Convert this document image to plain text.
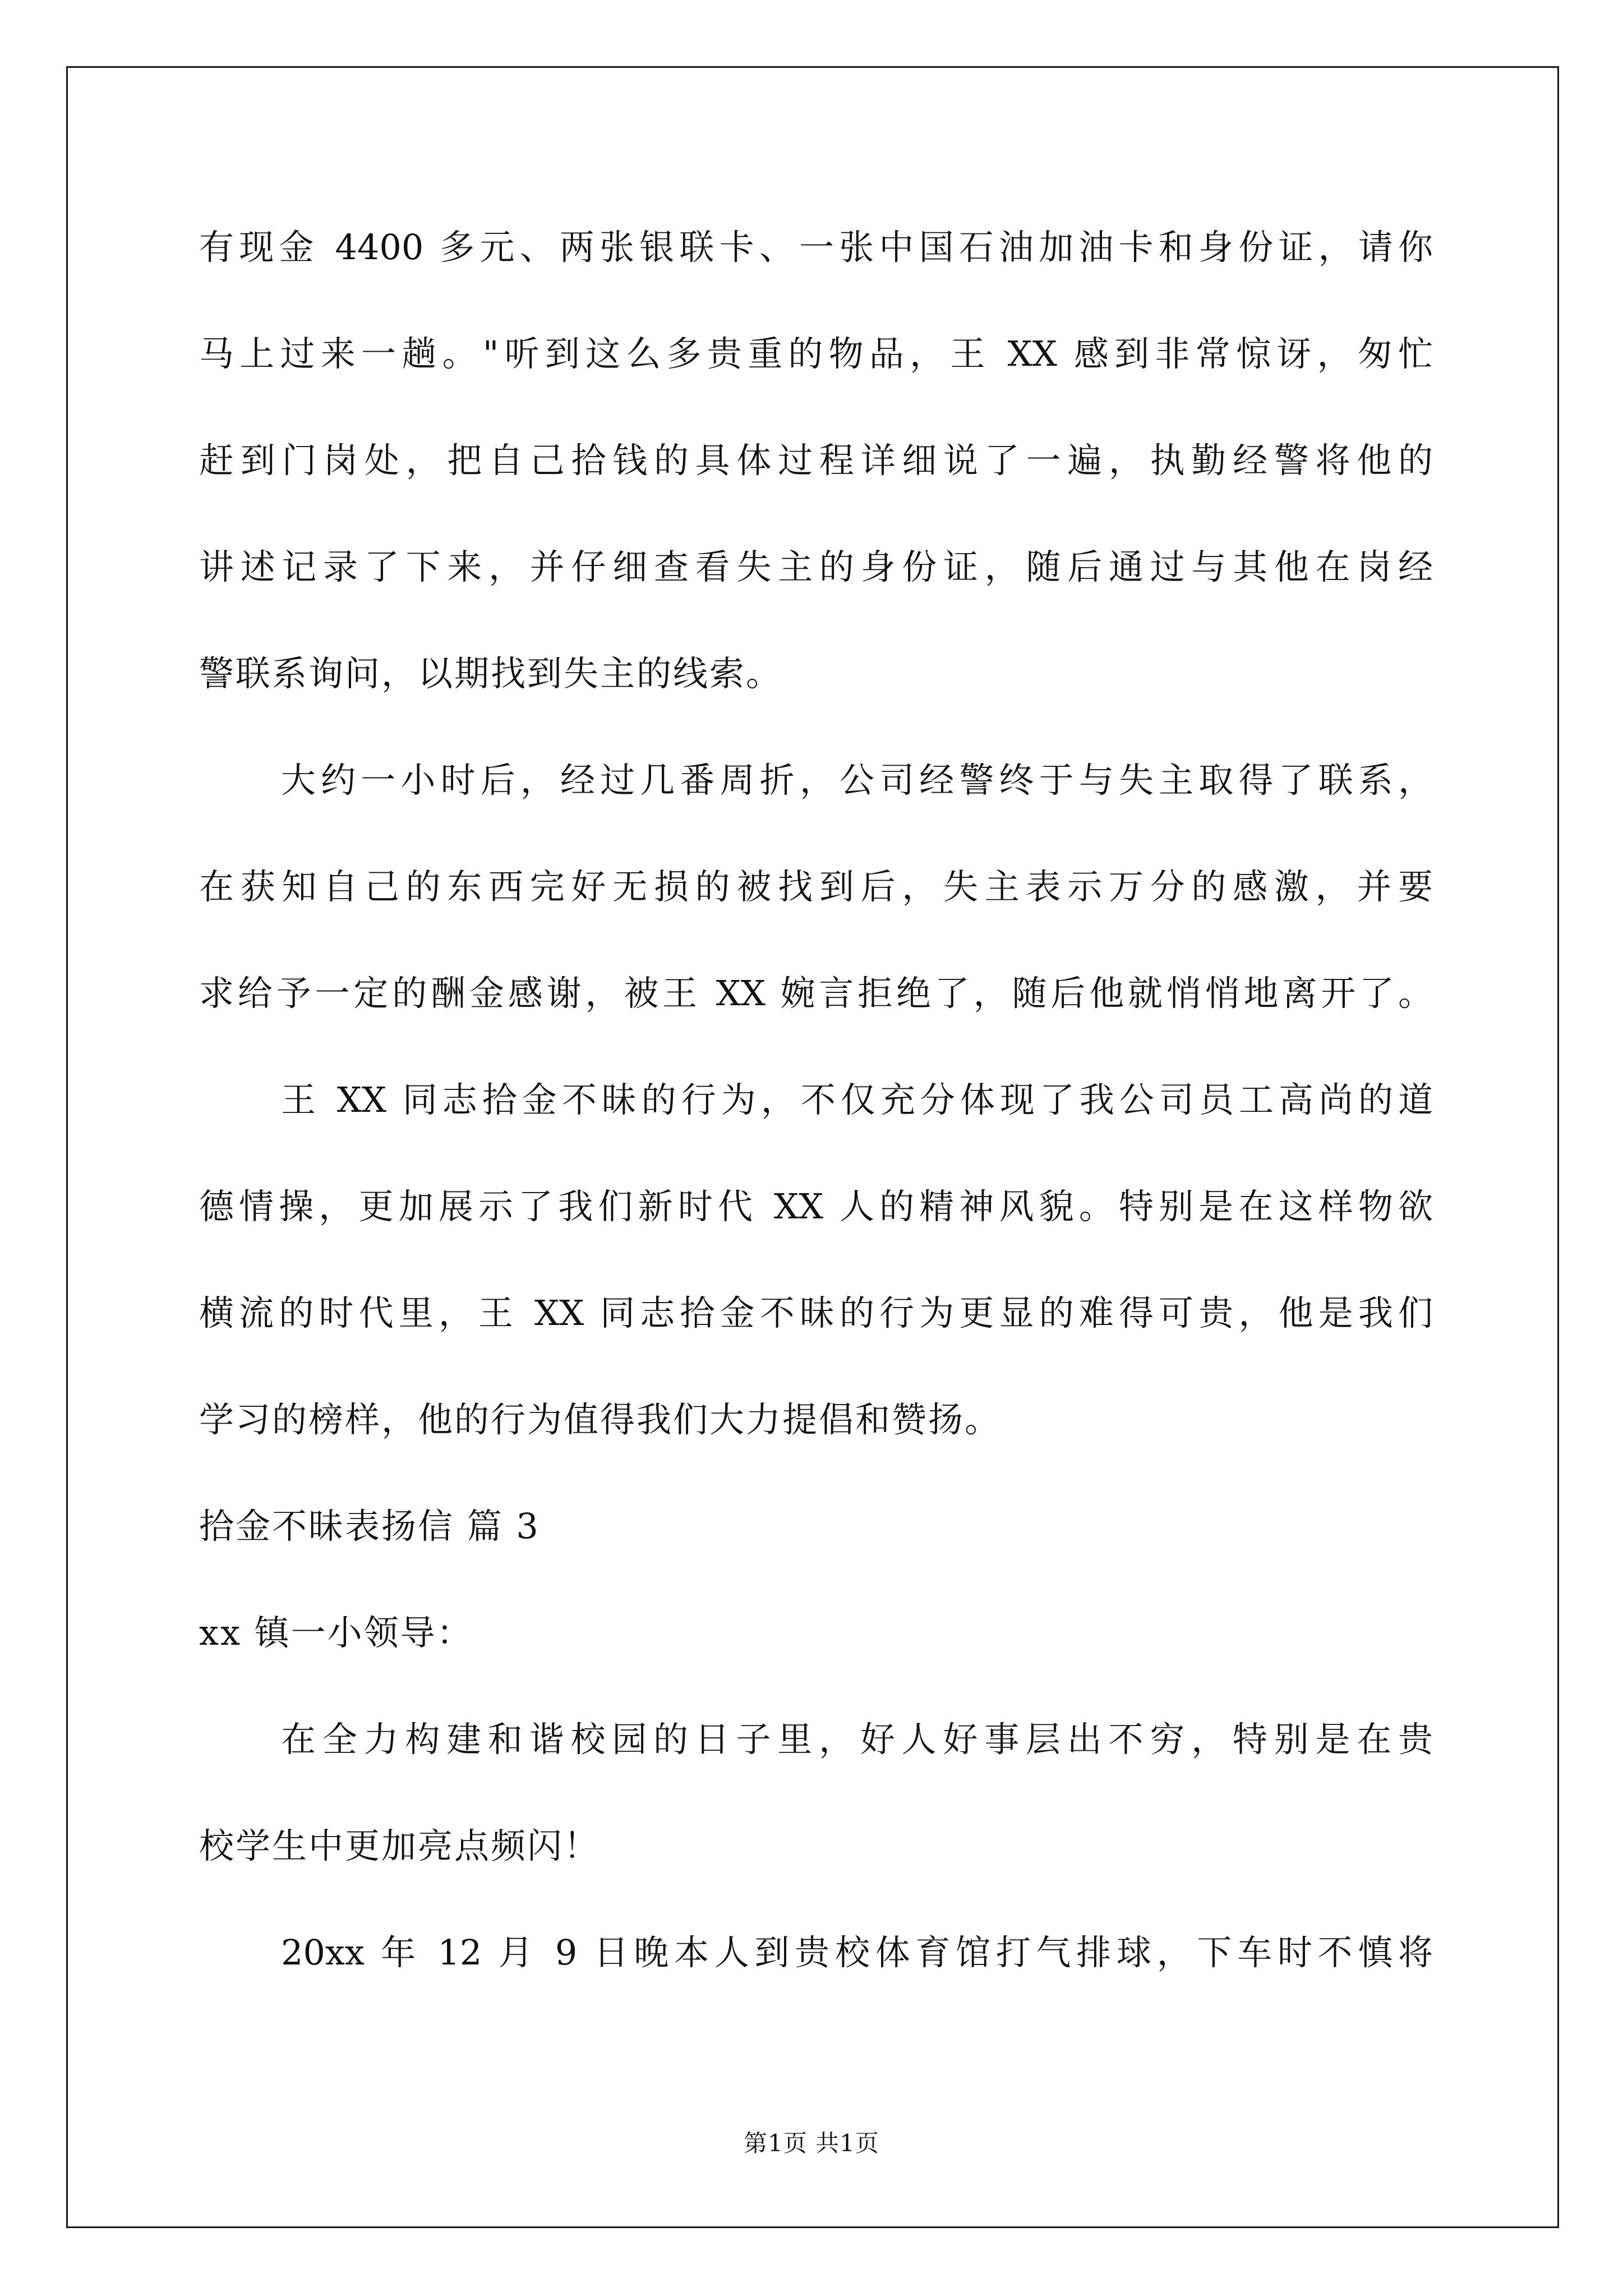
有现金 4400 多元、两张银联卡、一张中国石油加油卡和身份证，请你
马上过来一趟。"听到这么多贵重的物品，王 XX 感到非常惊讶，匆忙
赶到门岗处，把自己拾钱的具体过程详细说了一遍，执勤经警将他的
讲述记录了下来，并仔细查看失主的身份证，随后通过与其他在岗经
警联系询问，以期找到失主的线索。
大约一小时后，经过几番周折，公司经警终于与失主取得了联系，
在获知自己的东西完好无损的被找到后，失主表示万分的感激，并要
求给予一定的酬金感谢，被王 XX 婉言拒绝了，随后他就悄悄地离开了。
王 XX 同志拾金不昧的行为，不仅充分体现了我公司员工高尚的道
德情操，更加展示了我们新时代 XX 人的精神风貌。特别是在这样物欲
横流的时代里，王 XX 同志拾金不昧的行为更显的难得可贵，他是我们
学习的榜样，他的行为值得我们大力提倡和赞扬。
拾金不昧表扬信 篇 3
xx 镇一小领导：
在全力构建和谐校园的日子里，好人好事层出不穷，特别是在贵
校学生中更加亮点频闪！
20xx 年 12 月 9 日晚本人到贵校体育馆打气排球，下车时不慎将
第1页 共1页
